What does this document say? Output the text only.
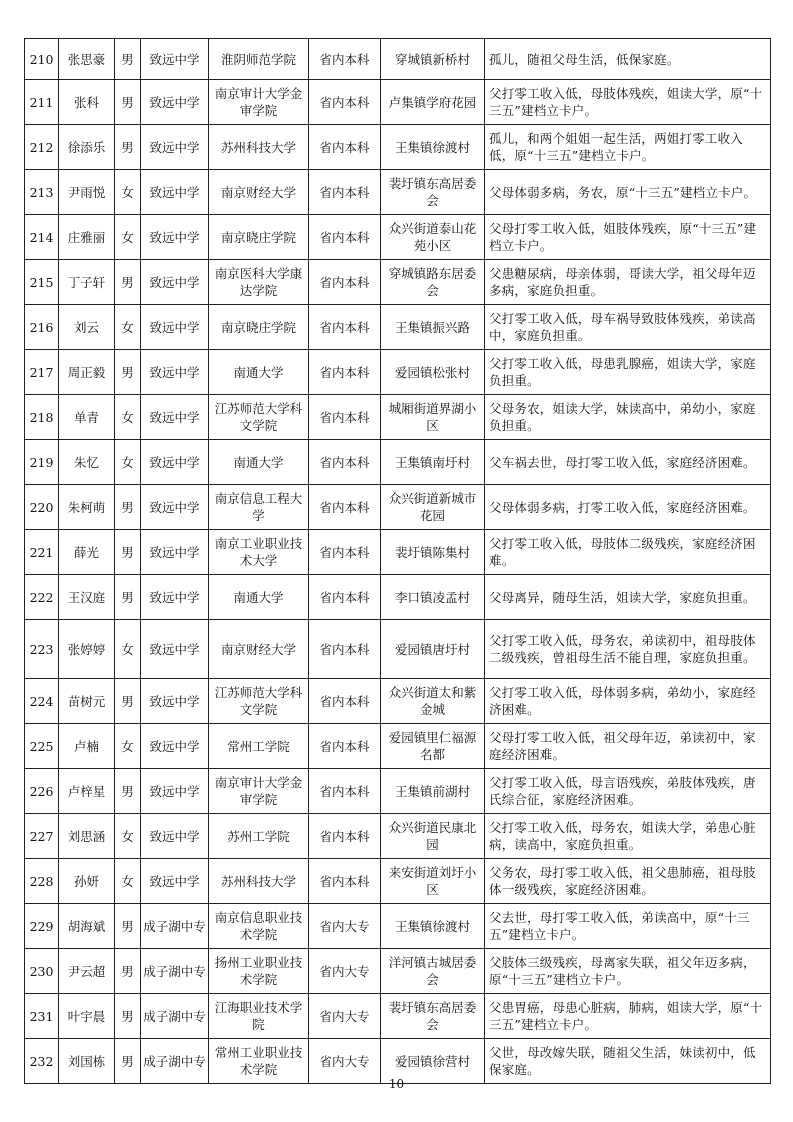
210	张思豪	男	致远中学	淮阴师范学院	省内本科	穿城镇新桥村	孤儿，随祖父母生活，低保家庭。
211	张科	男	致远中学	南京审计大学金审学院	省内本科	卢集镇学府花园	父打零工收入低，母肢体残疾，姐读大学，原“十三五”建档立卡户。
212	徐添乐	男	致远中学	苏州科技大学	省内本科	王集镇徐渡村	孤儿，和两个姐姐一起生活，两姐打零工收入低，原“十三五”建档立卡户。
213	尹雨悦	女	致远中学	南京财经大学	省内本科	裴圩镇东高居委会	父母体弱多病，务农，原“十三五”建档立卡户。
214	庄雅丽	女	致远中学	南京晓庄学院	省内本科	众兴街道泰山花苑小区	父母打零工收入低，姐肢体残疾，原“十三五”建档立卡户。
215	丁子轩	男	致远中学	南京医科大学康达学院	省内本科	穿城镇路东居委会	父患糖尿病，母亲体弱，哥读大学，祖父母年迈多病，家庭负担重。
216	刘云	女	致远中学	南京晓庄学院	省内本科	王集镇振兴路	父打零工收入低，母车祸导致肢体残疾，弟读高中，家庭负担重。
217	周正毅	男	致远中学	南通大学	省内本科	爱园镇松张村	父打零工收入低，母患乳腺癌，姐读大学，家庭负担重。
218	单青	女	致远中学	江苏师范大学科文学院	省内本科	城厢街道界湖小区	父母务农，姐读大学，妹读高中，弟幼小，家庭负担重。
219	朱忆	女	致远中学	南通大学	省内本科	王集镇南圩村	父车祸去世，母打零工收入低，家庭经济困难。
220	朱柯萌	男	致远中学	南京信息工程大学	省内本科	众兴街道新城市花园	父母体弱多病，打零工收入低，家庭经济困难。
221	薛光	男	致远中学	南京工业职业技术大学	省内本科	裴圩镇陈集村	父打零工收入低，母肢体二级残疾，家庭经济困难。
222	王汉庭	男	致远中学	南通大学	省内本科	李口镇凌孟村	父母离异，随母生活，姐读大学，家庭负担重。
223	张婷婷	女	致远中学	南京财经大学	省内本科	爱园镇唐圩村	父打零工收入低，母务农，弟读初中，祖母肢体二级残疾，曾祖母生活不能自理，家庭负担重。
224	苗树元	男	致远中学	江苏师范大学科文学院	省内本科	众兴街道太和紫金城	父打零工收入低，母体弱多病，弟幼小，家庭经济困难。
225	卢楠	女	致远中学	常州工学院	省内本科	爱园镇里仁福源名都	父母打零工收入低，祖父母年迈，弟读初中，家庭经济困难。
226	卢梓星	男	致远中学	南京审计大学金审学院	省内本科	王集镇前湖村	父打零工收入低，母言语残疾，弟肢体残疾，唐氏综合征，家庭经济困难。
227	刘思涵	女	致远中学	苏州工学院	省内本科	众兴街道民康北园	父打零工收入低，母务农，姐读大学，弟患心脏病，读高中，家庭负担重。
228	孙妍	女	致远中学	苏州科技大学	省内本科	来安街道刘圩小区	父务农，母打零工收入低，祖父患肺癌，祖母肢体一级残疾，家庭经济困难。
229	胡海斌	男	成子湖中专	南京信息职业技术学院	省内大专	王集镇徐渡村	父去世，母打零工收入低，弟读高中，原“十三五”建档立卡户。
230	尹云超	男	成子湖中专	扬州工业职业技术学院	省内大专	洋河镇古城居委会	父肢体三级残疾，母离家失联，祖父年迈多病，原“十三五”建档立卡户。
231	叶宇晨	男	成子湖中专	江海职业技术学院	省内大专	裴圩镇东高居委会	父患胃癌，母患心脏病，肺病，姐读大学，原“十三五”建档立卡户。
232	刘国栋	男	成子湖中专	常州工业职业技术学院	省内大专	爱园镇徐营村	父世，母改嫁失联，随祖父生活，妹读初中，低保家庭。
10
